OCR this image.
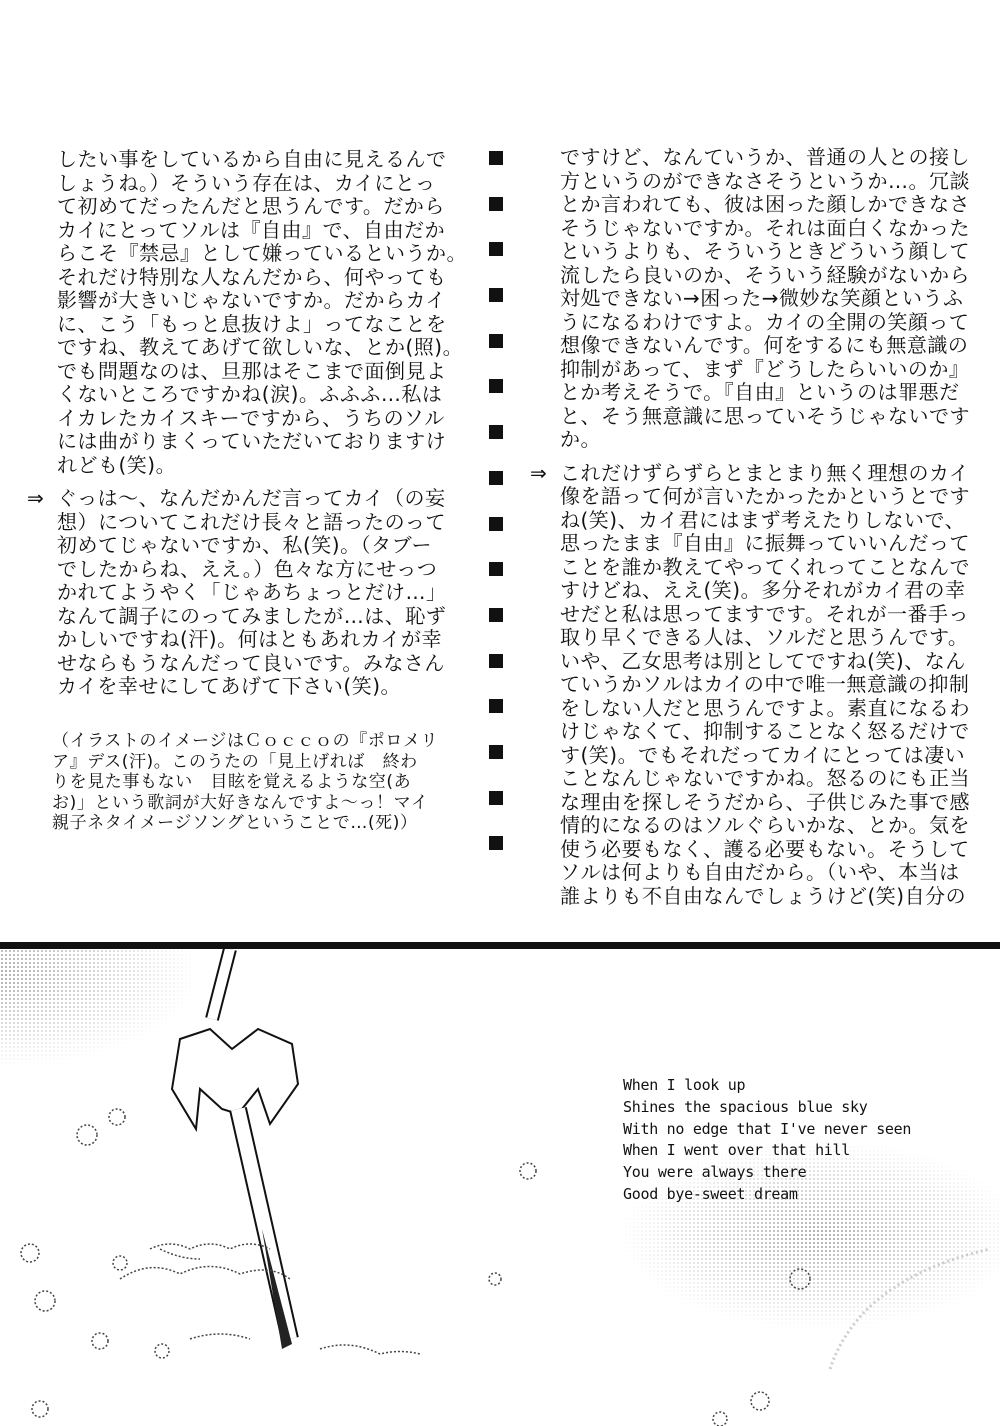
したい事をしているから自由に見えるんで
しょうね。）そういう存在は、カイにとっ
て初めてだったんだと思うんです。だから
カイにとってソルは『自由』で、自由だか
らこそ『禁忌』として嫌っているというか。
それだけ特別な人なんだから、何やっても
影響が大きいじゃないですか。だからカイ
に、こう「もっと息抜けよ」ってなことを
ですね、教えてあげて欲しいな、とか(照)。
でも問題なのは、旦那はそこまで面倒見よ
くないところですかね(涙)。ふふふ…私は
イカレたカイスキーですから、うちのソル
には曲がりまくっていただいておりますけ
れども(笑)。
⇒ ぐっは～、なんだかんだ言ってカイ（の妄
想）についてこれだけ長々と語ったのって
初めてじゃないですか、私(笑)。（タブー
でしたからね、ええ。）色々な方にせっつ
かれてようやく「じゃあちょっとだけ…」
なんて調子にのってみましたが…は、恥ず
かしいですね(汗)。何はともあれカイが幸
せならもうなんだって良いです。みなさん
カイを幸せにしてあげて下さい(笑)。
（イラストのイメージはＣｏｃｃｏの『ポロメリ
ア』デス(汗)。このうたの「見上げれば　終わ
りを見た事もない　目眩を覚えるような空(あ
お)」という歌詞が大好きなんですよ～っ！マイ
親子ネタイメージソングということで…(死)）
ですけど、なんていうか、普通の人との接し
方というのができなさそうというか…。冗談
とか言われても、彼は困った顔しかできなさ
そうじゃないですか。それは面白くなかった
というよりも、そういうときどういう顔して
流したら良いのか、そういう経験がないから
対処できない→困った→微妙な笑顔というふ
うになるわけですよ。カイの全開の笑顔って
想像できないんです。何をするにも無意識の
抑制があって、まず『どうしたらいいのか』
とか考えそうで。『自由』というのは罪悪だ
と、そう無意識に思っていそうじゃないです
か。
⇒ これだけずらずらとまとまり無く理想のカイ
像を語って何が言いたかったかというとです
ね(笑)、カイ君にはまず考えたりしないで、
思ったまま『自由』に振舞っていいんだって
ことを誰か教えてやってくれってことなんで
すけどね、ええ(笑)。多分それがカイ君の幸
せだと私は思ってますです。それが一番手っ
取り早くできる人は、ソルだと思うんです。
いや、乙女思考は別としてですね(笑)、なん
ていうかソルはカイの中で唯一無意識の抑制
をしない人だと思うんですよ。素直になるわ
けじゃなくて、抑制することなく怒るだけで
す(笑)。でもそれだってカイにとっては凄い
ことなんじゃないですかね。怒るのにも正当
な理由を探しそうだから、子供じみた事で感
情的になるのはソルぐらいかな、とか。気を
使う必要もなく、護る必要もない。そうして
ソルは何よりも自由だから。（いや、本当は
誰よりも不自由なんでしょうけど(笑)自分の
When I look up
Shines the spacious blue sky
With no edge that I've never seen
When I went over that hill
You were always there
Good bye-sweet dream
